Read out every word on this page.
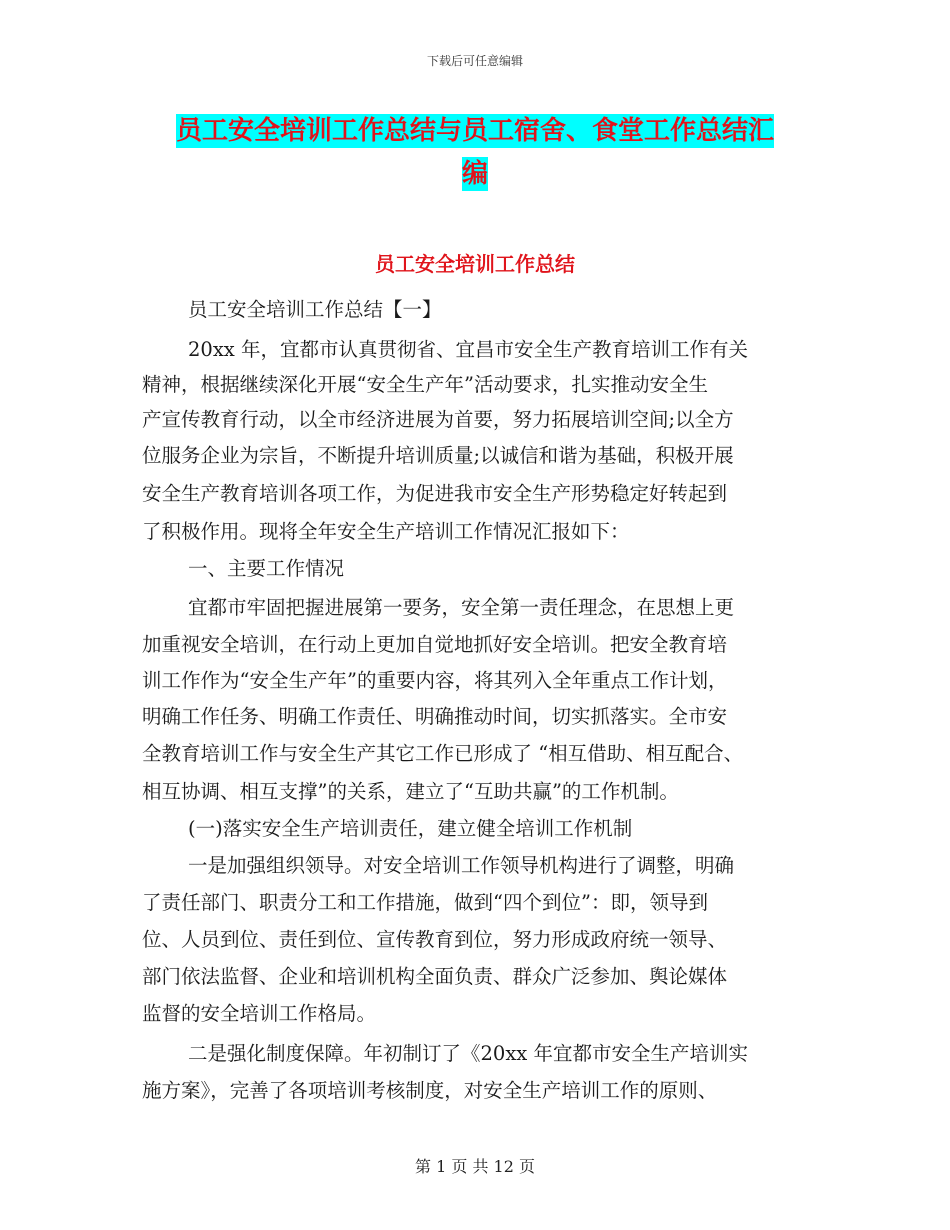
下载后可任意编辑
员工安全培训工作总结与员工宿舍、食堂工作总结汇
编
员工安全培训工作总结
员工安全培训工作总结【一】
20xx 年，宜都市认真贯彻省、宜昌市安全生产教育培训工作有关
精神，根据继续深化开展“安全生产年”活动要求，扎实推动安全生
产宣传教育行动，以全市经济进展为首要，努力拓展培训空间;以全方
位服务企业为宗旨，不断提升培训质量;以诚信和谐为基础，积极开展
安全生产教育培训各项工作，为促进我市安全生产形势稳定好转起到
了积极作用。现将全年安全生产培训工作情况汇报如下：
一、主要工作情况
宜都市牢固把握进展第一要务，安全第一责任理念，在思想上更
加重视安全培训，在行动上更加自觉地抓好安全培训。把安全教育培
训工作作为“安全生产年”的重要内容，将其列入全年重点工作计划，
明确工作任务、明确工作责任、明确推动时间，切实抓落实。全市安
全教育培训工作与安全生产其它工作已形成了 “相互借助、相互配合、
相互协调、相互支撑”的关系，建立了“互助共赢”的工作机制。
(一)落实安全生产培训责任，建立健全培训工作机制
一是加强组织领导。对安全培训工作领导机构进行了调整，明确
了责任部门、职责分工和工作措施，做到“四个到位”：即，领导到
位、人员到位、责任到位、宣传教育到位，努力形成政府统一领导、
部门依法监督、企业和培训机构全面负责、群众广泛参加、舆论媒体
监督的安全培训工作格局。
二是强化制度保障。年初制订了《20xx 年宜都市安全生产培训实
施方案》，完善了各项培训考核制度，对安全生产培训工作的原则、
第 1 页 共 12 页
